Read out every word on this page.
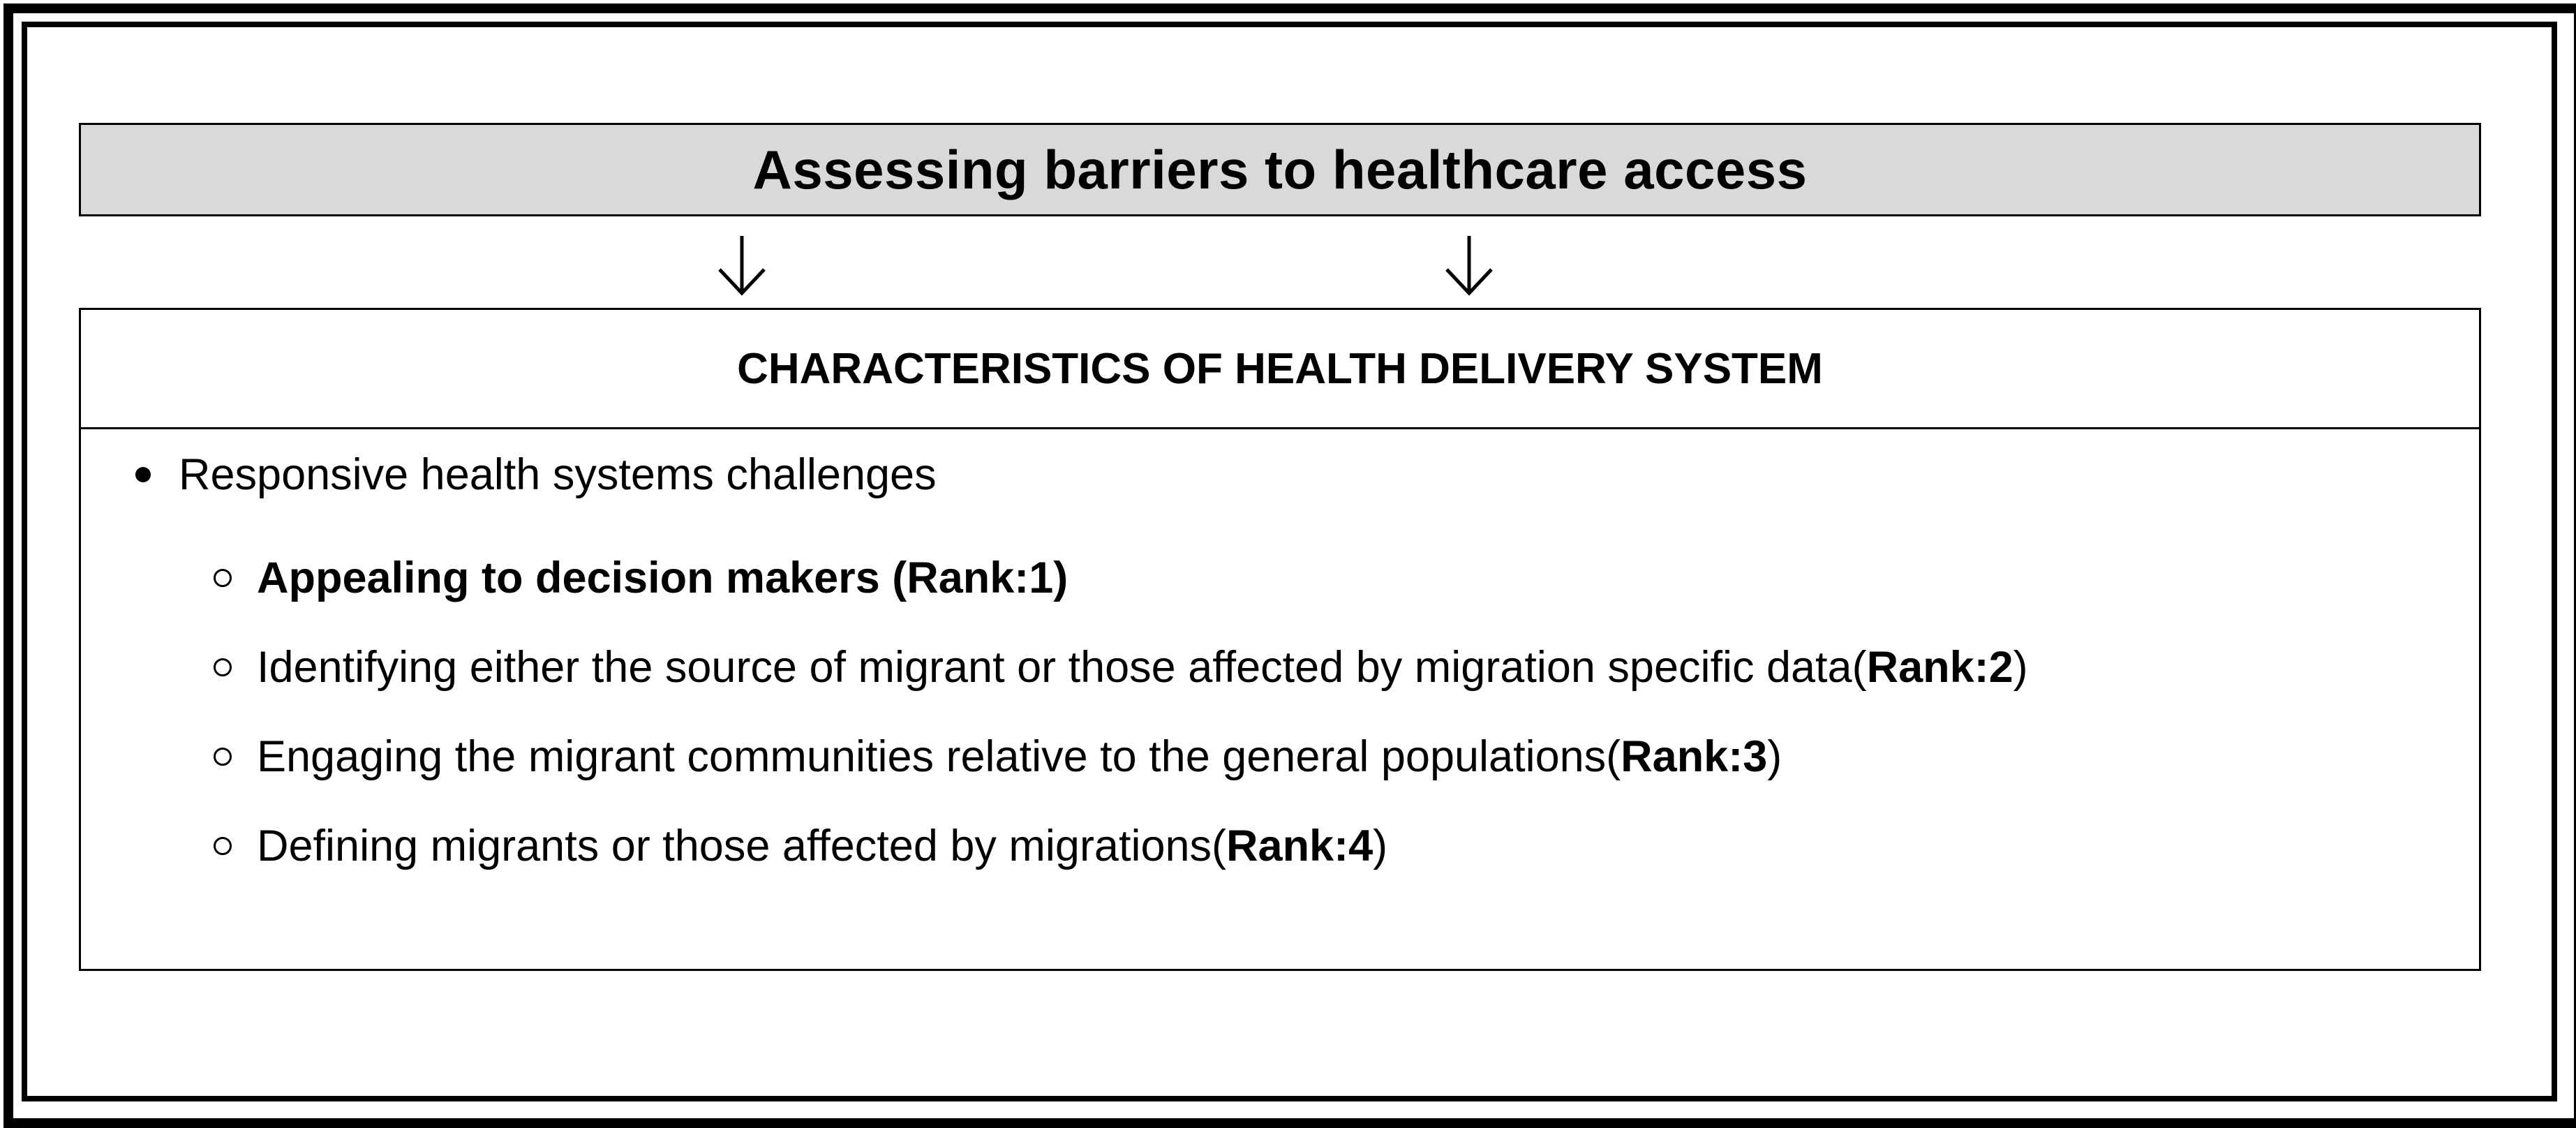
Assessing barriers to healthcare access
CHARACTERISTICS OF HEALTH DELIVERY SYSTEM
Responsive health systems challenges
Appealing to decision makers (Rank:1)
Identifying either the source of migrant or those affected by migration specific data ( Rank:2 )
Engaging the migrant communities relative to the general populations ( Rank:3 )
Defining migrants or those affected by migrations ( Rank:4 )
